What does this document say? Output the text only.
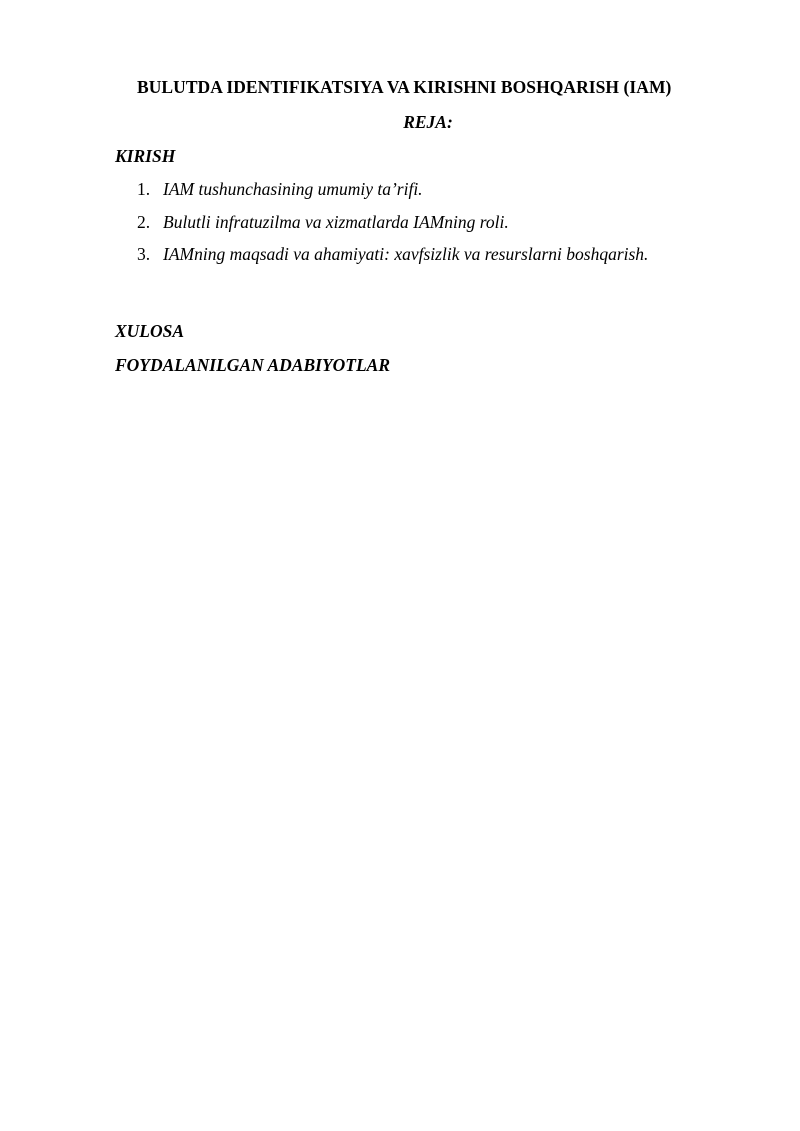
BULUTDA IDENTIFIKATSIYA VA KIRISHNI BOSHQARISH (IAM)
REJA:
KIRISH
1. IAM tushunchasining umumiy ta’rifi.
2. Bulutli infratuzilma va xizmatlarda IAMning roli.
3. IAMning maqsadi va ahamiyati: xavfsizlik va resurslarni boshqarish.
XULOSA
FOYDALANILGAN ADABIYOTLAR
